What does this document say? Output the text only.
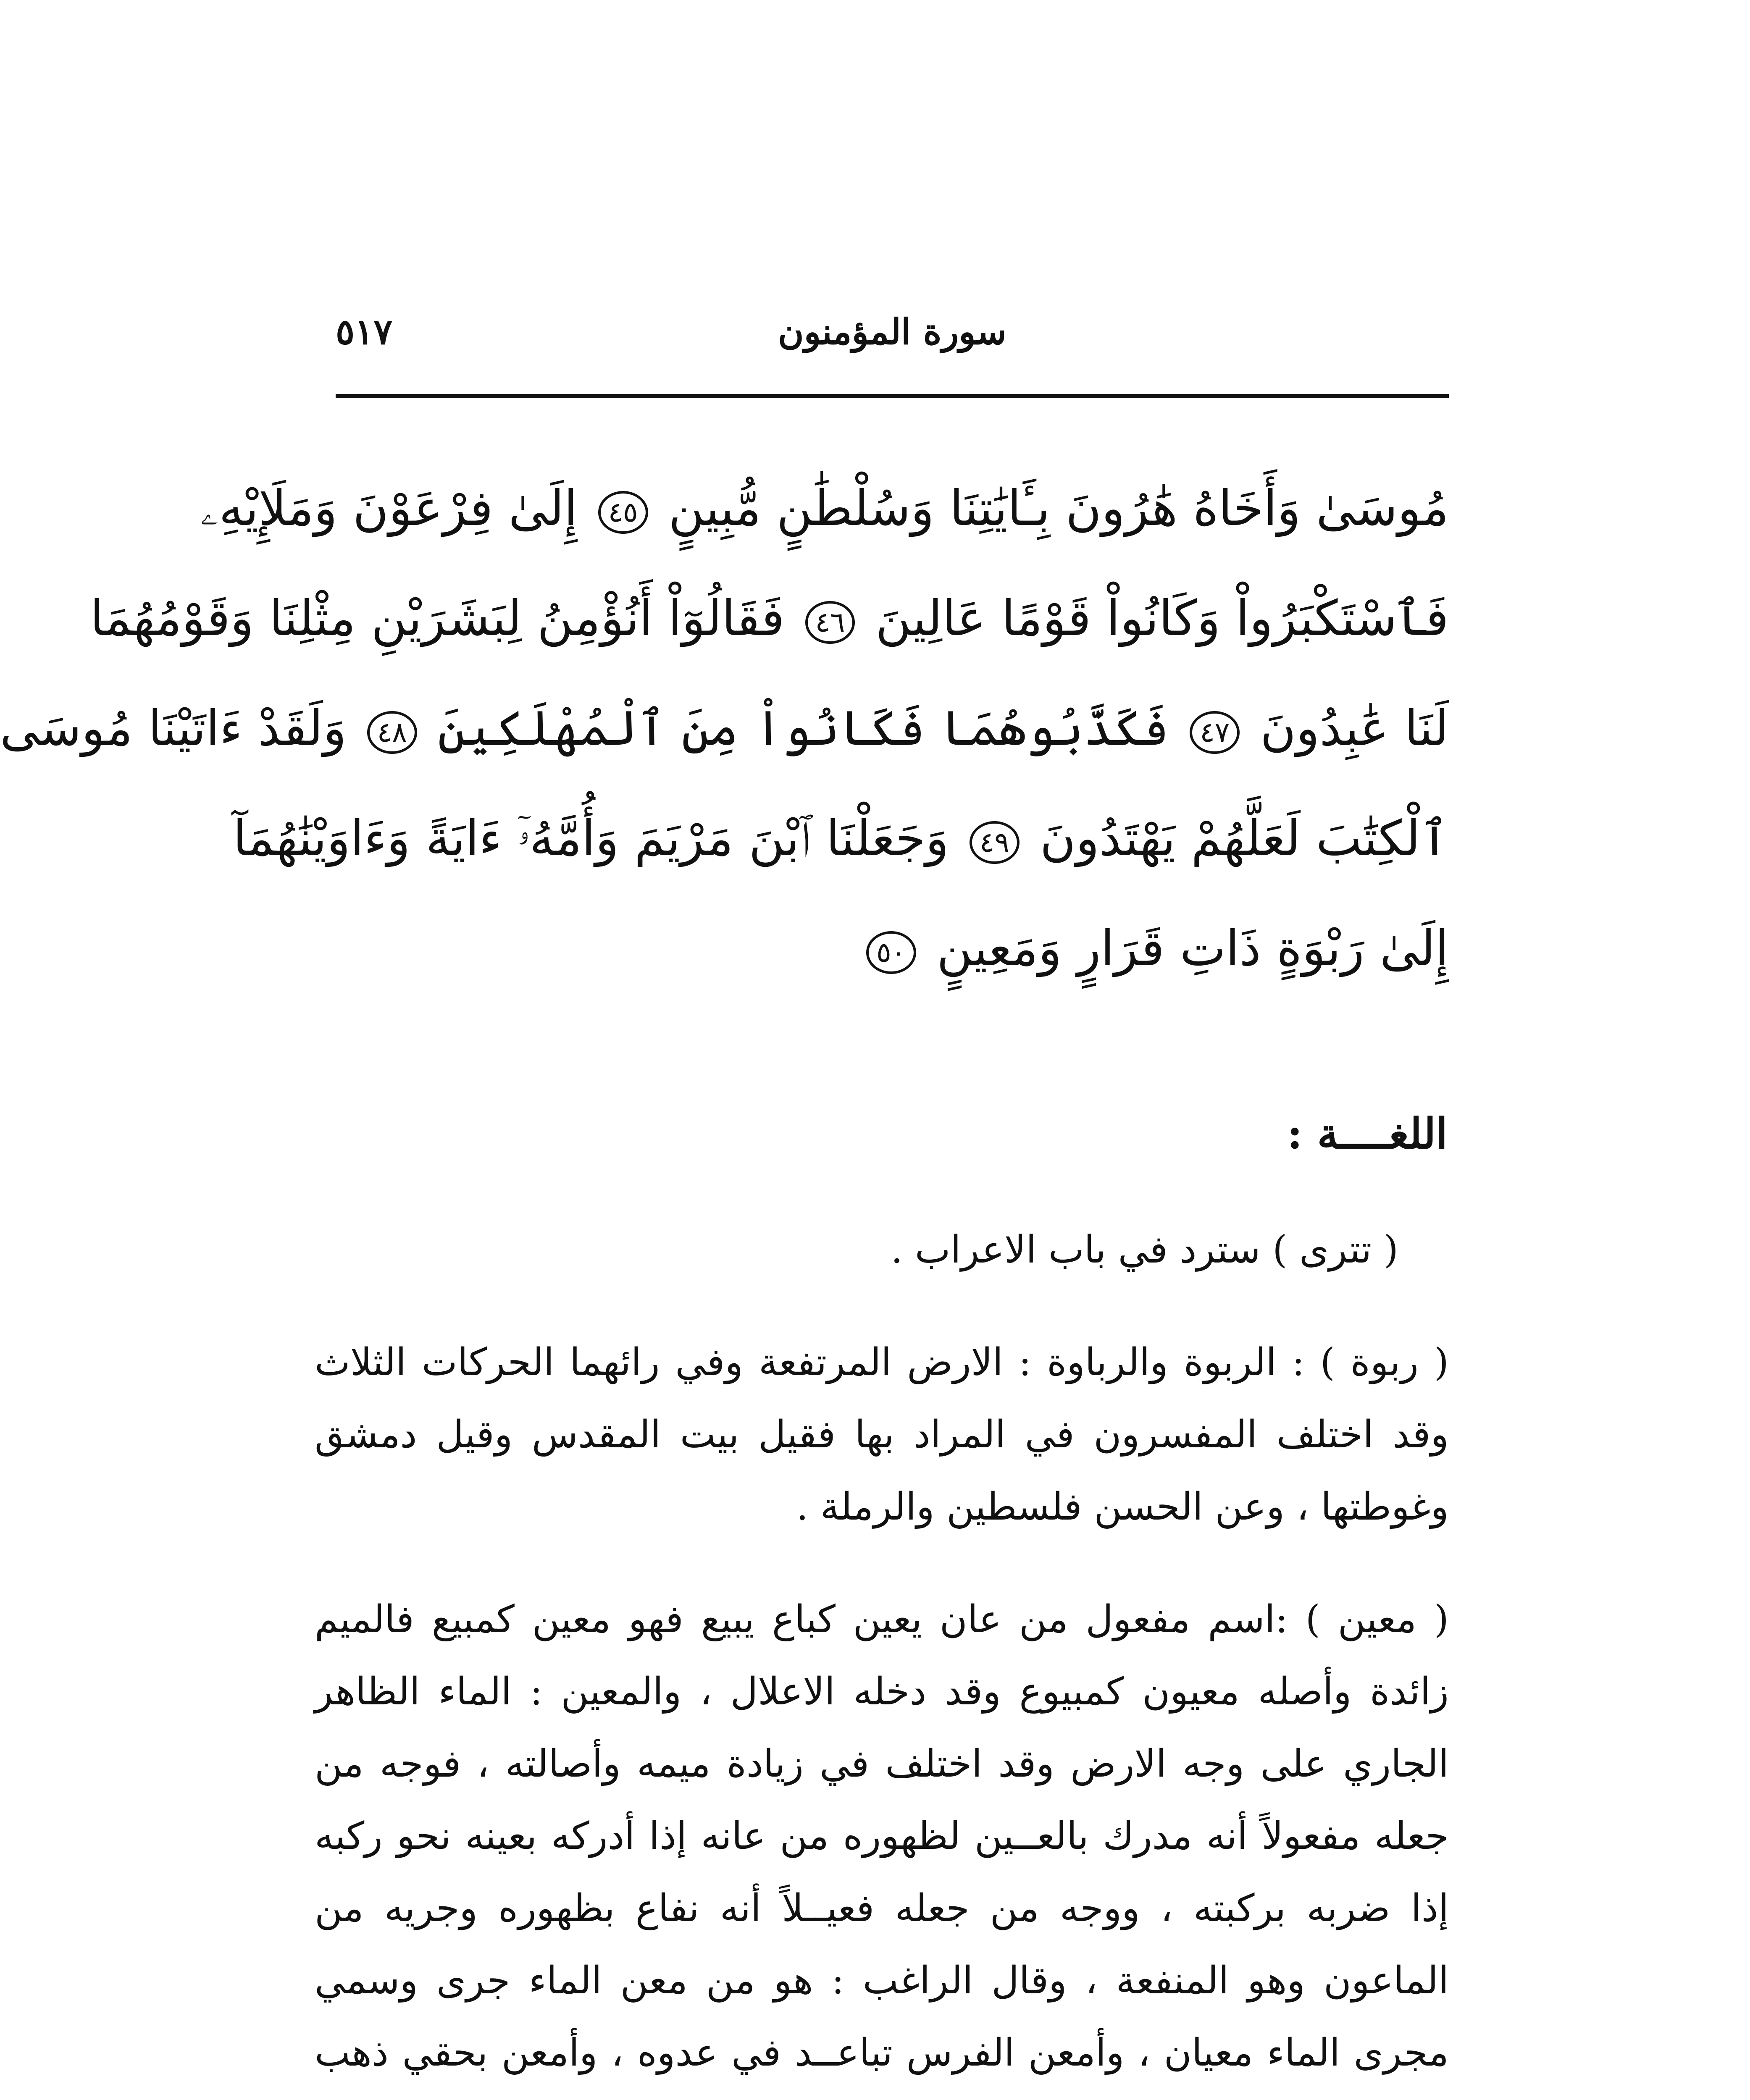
سورة المؤمنون
٥١٧
مُوسَىٰ وَأَخَاهُ هَٰرُونَ بِـَٔايَٰتِنَا وَسُلْطَٰنٍ مُّبِينٍ ٤٥ إِلَىٰ فِرْعَوْنَ وَمَلَإِيْهِۦ
فَٱسْتَكْبَرُواْ وَكَانُواْ قَوْمًا عَالِينَ ٤٦ فَقَالُوٓاْ أَنُؤْمِنُ لِبَشَرَيْنِ مِثْلِنَا وَقَوْمُهُمَا
لَنَا عَٰبِدُونَ ٤٧ فَكَذَّبُوهُمَا فَكَانُواْ مِنَ ٱلْمُهْلَكِينَ ٤٨ وَلَقَدْ ءَاتَيْنَا مُوسَى
ٱلْكِتَٰبَ لَعَلَّهُمْ يَهْتَدُونَ ٤٩ وَجَعَلْنَا ٱبْنَ مَرْيَمَ وَأُمَّهُۥٓ ءَايَةً وَءَاوَيْنَٰهُمَآ
إِلَىٰ رَبْوَةٍ ذَاتِ قَرَارٍ وَمَعِينٍ ٥٠
اللغــــة :

( تترى ) سترد في باب الاعراب .

( ربوة ) : الربوة والرباوة : الارض المرتفعة وفي رائهما الحركات الثلاث وقد اختلف المفسرون في المراد بها فقيل بيت المقدس وقيل دمشق وغوطتها ، وعن الحسن فلسطين والرملة .

( معين ) :اسم مفعول من عان يعين كباع يبيع فهو معين كمبيع فالميم زائدة وأصله معيون كمبيوع وقد دخله الاعلال ، والمعين : الماء الظاهر الجاري على وجه الارض وقد اختلف في زيادة ميمه وأصالته ، فوجه من جعله مفعولاً أنه مدرك بالعــين لظهوره من عانه إذا أدركه بعينه نحو ركبه إذا ضربه بركبته ، ووجه من جعله فعيــلاً أنه نفاع بظهوره وجريه من الماعون وهو المنفعة ، وقال الراغب : هو من معن الماء جرى وسمي مجرى الماء معيان ، وأمعن الفرس تباعــد في عدوه ، وأمعن بحقي ذهب
